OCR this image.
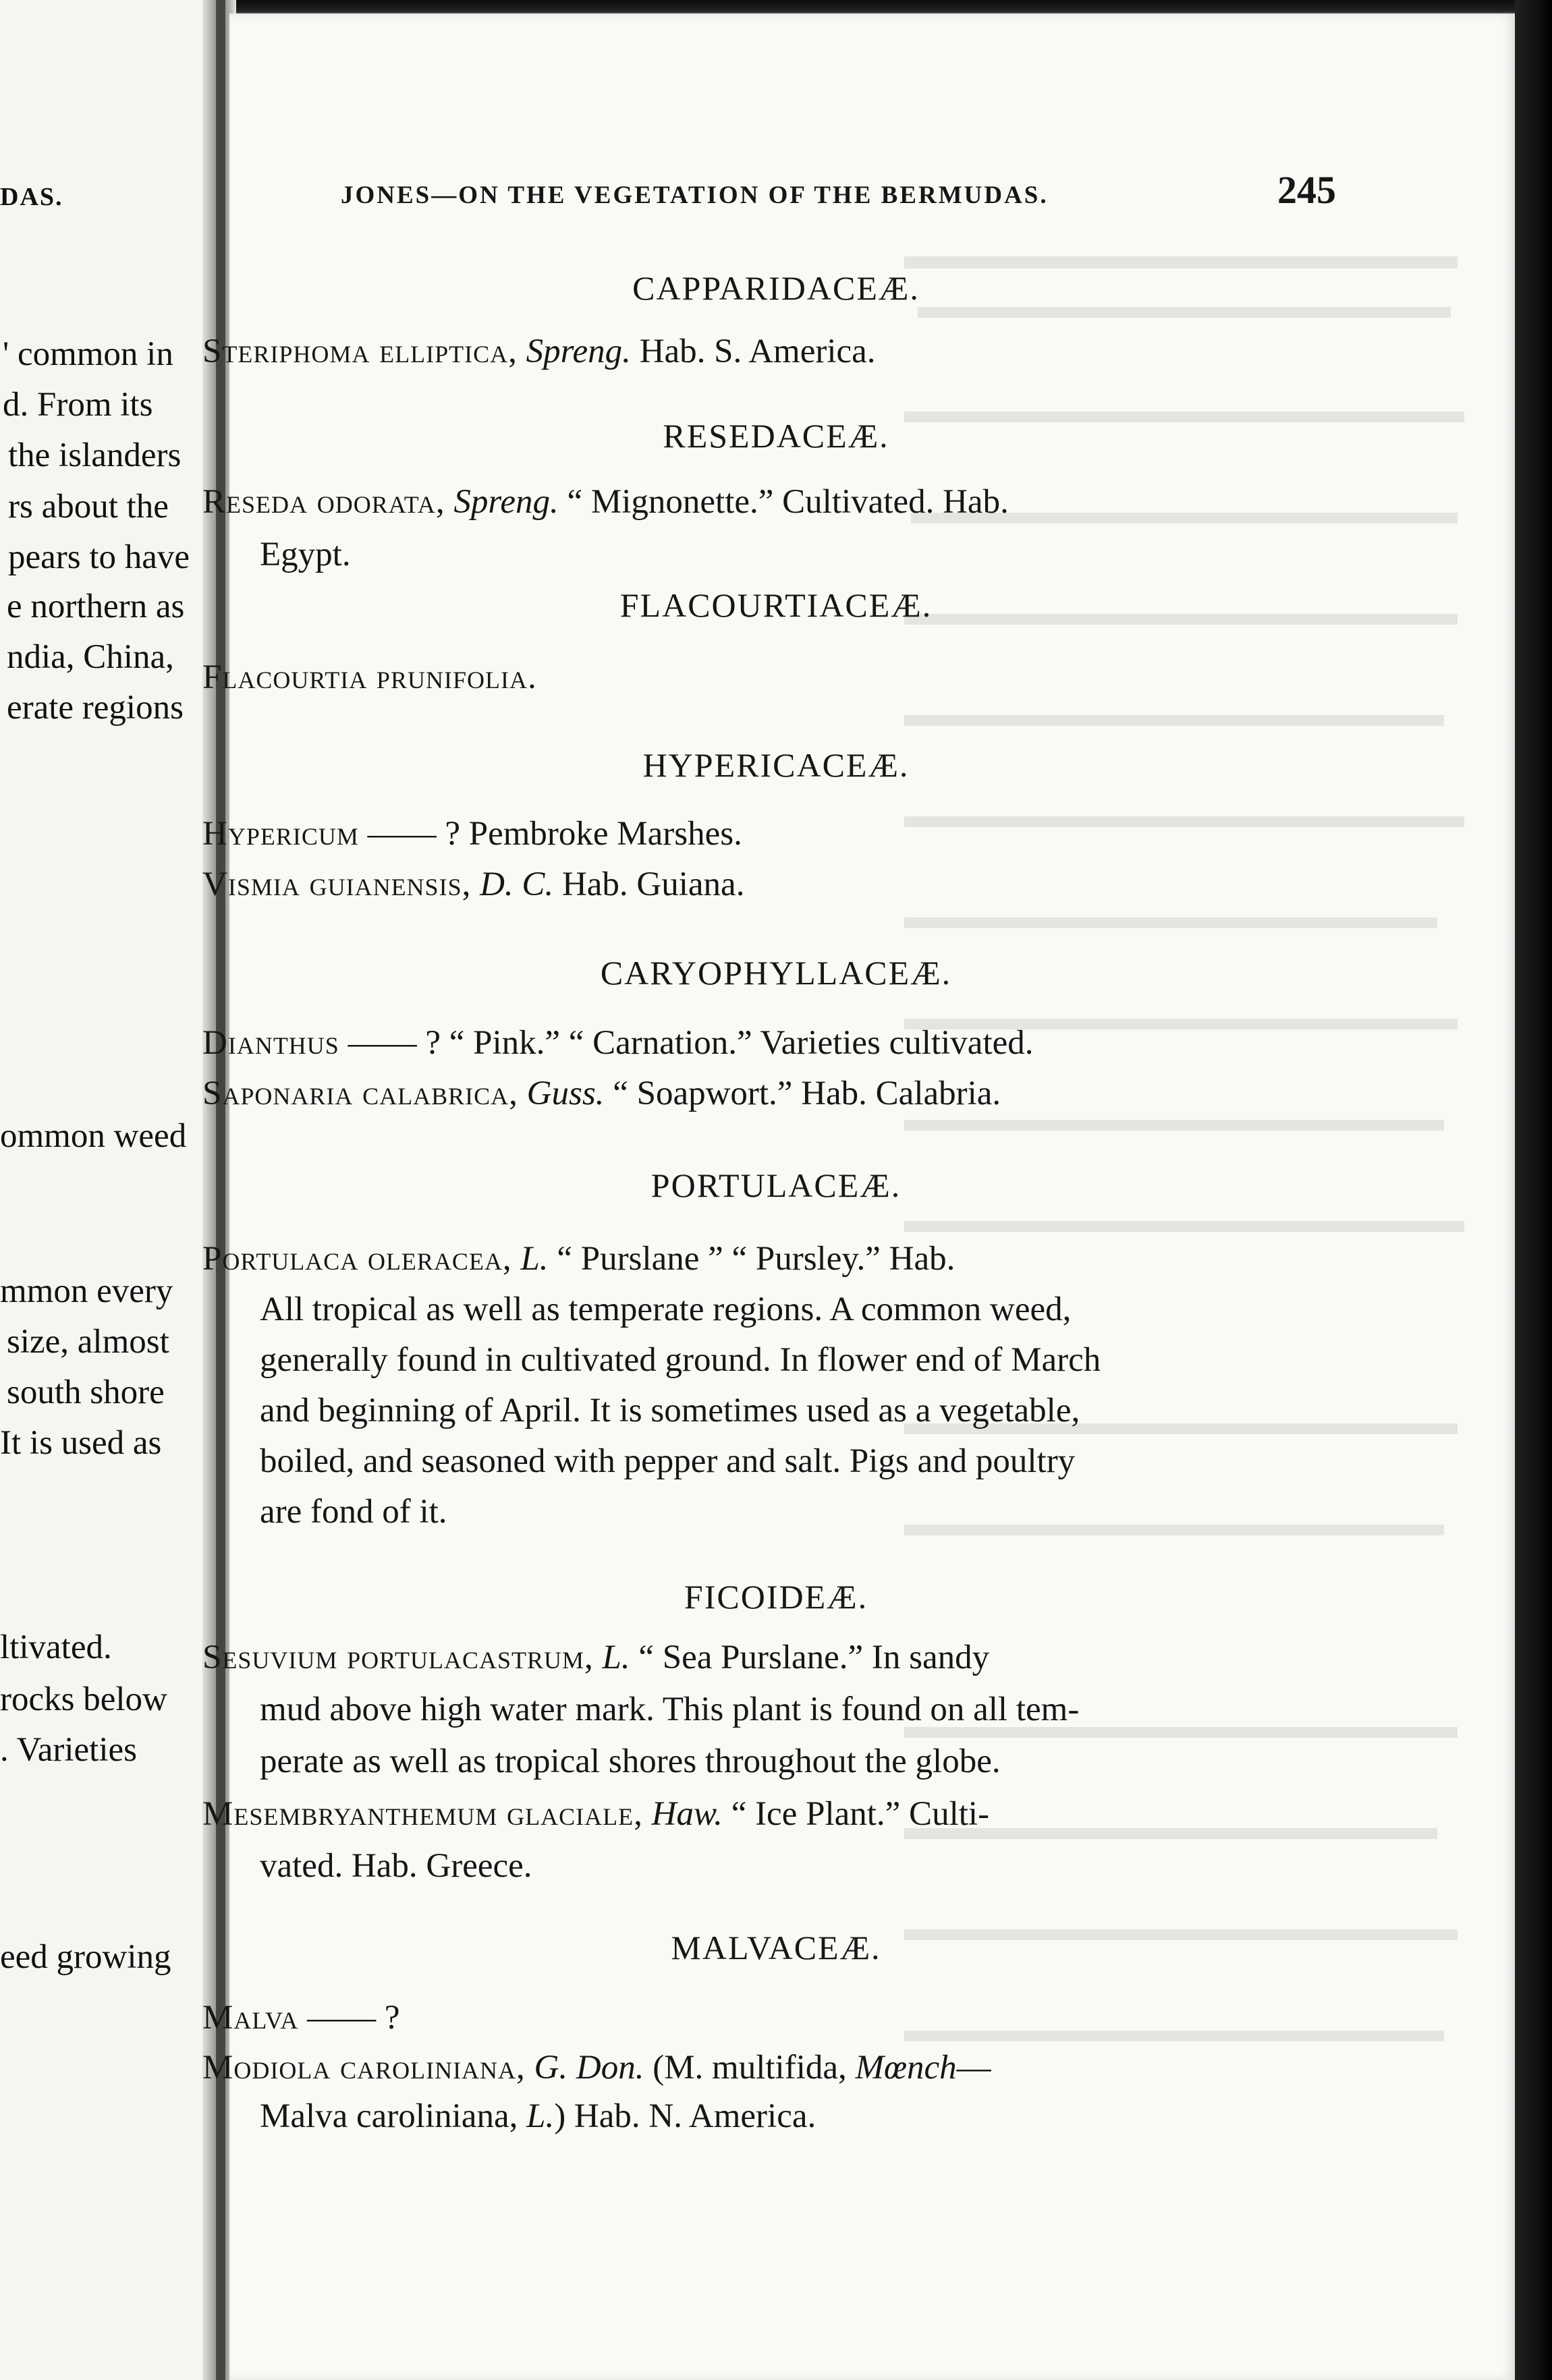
DAS.
' common in
d. From its
the islanders
rs about the
pears to have
e northern as
ndia, China,
erate regions
ommon weed
mmon every
size, almost
south shore
It is used as
ltivated.
rocks below
. Varieties
eed growing
JONES—ON THE VEGETATION OF THE BERMUDAS.	245
CAPPARIDACEÆ.
Steriphoma elliptica, Spreng. Hab. S. America.
RESEDACEÆ.
Reseda odorata, Spreng. “ Mignonette.” Cultivated. Hab.
Egypt.
FLACOURTIACEÆ.
Flacourtia prunifolia.
HYPERICACEÆ.
Hypericum —— ? Pembroke Marshes.
Vismia guianensis, D. C. Hab. Guiana.
CARYOPHYLLACEÆ.
Dianthus —— ? “ Pink.” “ Carnation.” Varieties cultivated.
Saponaria calabrica, Guss. “ Soapwort.” Hab. Calabria.
PORTULACEÆ.
Portulaca oleracea, L. “ Purslane ” “ Pursley.” Hab.
All tropical as well as temperate regions. A common weed,
generally found in cultivated ground. In flower end of March
and beginning of April. It is sometimes used as a vegetable,
boiled, and seasoned with pepper and salt. Pigs and poultry
are fond of it.
FICOIDEÆ.
Sesuvium portulacastrum, L. “ Sea Purslane.” In sandy
mud above high water mark. This plant is found on all tem-
perate as well as tropical shores throughout the globe.
Mesembryanthemum glaciale, Haw. “ Ice Plant.” Culti-
vated. Hab. Greece.
MALVACEÆ.
Malva —— ?
Modiola caroliniana, G. Don. (M. multifida, Mœnch—
Malva caroliniana, L.) Hab. N. America.
